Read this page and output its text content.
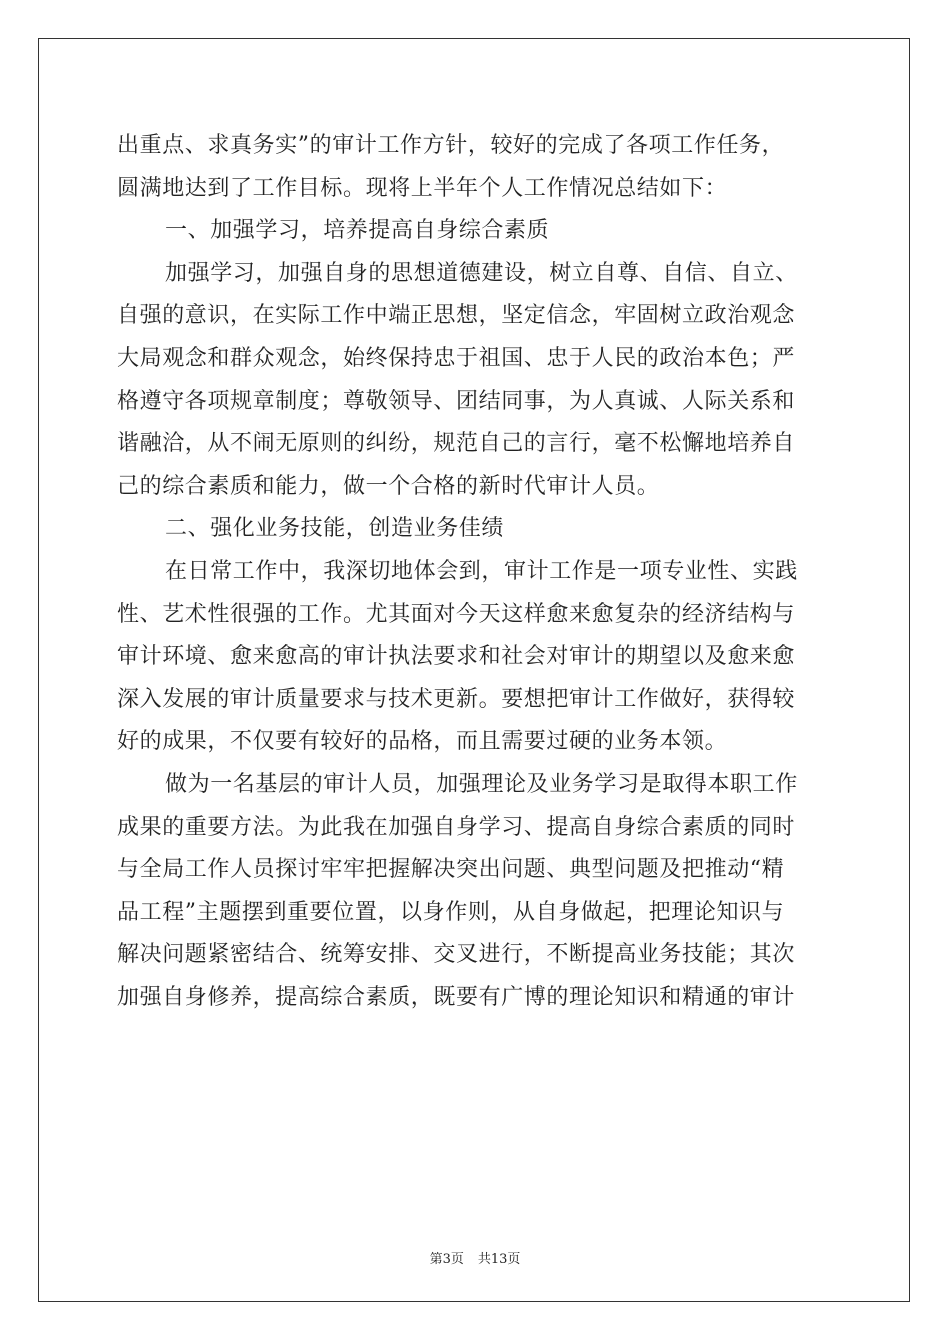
出重点、求真务实”的审计工作方针，较好的完成了各项工作任务，
圆满地达到了工作目标。现将上半年个人工作情况总结如下：
一、加强学习，培养提高自身综合素质
加强学习，加强自身的思想道德建设，树立自尊、自信、自立、
自强的意识，在实际工作中端正思想，坚定信念，牢固树立政治观念
大局观念和群众观念，始终保持忠于祖国、忠于人民的政治本色；严
格遵守各项规章制度；尊敬领导、团结同事，为人真诚、人际关系和
谐融洽，从不闹无原则的纠纷，规范自己的言行，毫不松懈地培养自
己的综合素质和能力，做一个合格的新时代审计人员。
二、强化业务技能，创造业务佳绩
在日常工作中，我深切地体会到，审计工作是一项专业性、实践
性、艺术性很强的工作。尤其面对今天这样愈来愈复杂的经济结构与
审计环境、愈来愈高的审计执法要求和社会对审计的期望以及愈来愈
深入发展的审计质量要求与技术更新。要想把审计工作做好，获得较
好的成果，不仅要有较好的品格，而且需要过硬的业务本领。
做为一名基层的审计人员，加强理论及业务学习是取得本职工作
成果的重要方法。为此我在加强自身学习、提高自身综合素质的同时
与全局工作人员探讨牢牢把握解决突出问题、典型问题及把推动“精
品工程”主题摆到重要位置，以身作则，从自身做起，把理论知识与
解决问题紧密结合、统筹安排、交叉进行，不断提高业务技能；其次
加强自身修养，提高综合素质，既要有广博的理论知识和精通的审计
第3页 共13页
